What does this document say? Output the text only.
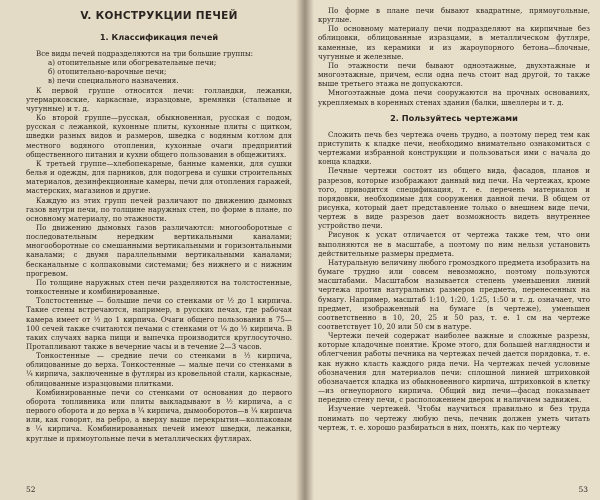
V. КОНСТРУКЦИИ ПЕЧЕЙ
1. Классификация печей

Все виды печей подразделяются на три большие группы:

а) отопительные или обогревательные печи;
б) отопительно-варочные печи;
в) печи специального назначения.

К первой группе относятся печи: голландки, лежанки, утермарковские, каркасные, изразцовые, времянки (стальные и чугунные) и т. д.

Ко второй группе—русская, обыкновенная, русская с подом, русская с лежанкой, кухонные плиты, кухонные плиты с щитком, шведки разных видов и размеров, шведка с водяным котлом для местного водяного отопления, кухонные очаги предприятий общественного питания и кухни общего пользования в общежитиях.

К третьей группе—хлебопекарные, банные каменки, для сушки белья и одежды, для парников, для подогрева и сушки строительных материалов, дезинфекционные камеры, печи для отопления гаражей, мастерских, магазинов и другие.

Каждую из этих групп печей различают по движению дымовых газов внутри печи, по толщине наружных стен, по форме в плане, по основному материалу, по этажности.

По движению дымовых газов различаются: многооборотные с последовательным нередким вертикальными каналами; многооборотные со смешанными вертикальными и горизонтальными каналами; с двумя параллельными вертикальными каналами; бесканальные с колпаковыми системами; без нижнего и с нижним прогревом.

По толщине наружных стен печи разделяются на толстостенные, тонкостенные и комбинированные.

Толстостенные — большие печи со стенками от ½ до 1 кирпича. Такие стены встречаются, например, в русских печах, где рабочая камера имеет от ½ до 1 кирпича. Очаги общего пользования в 75—100 сечей также считаются печами с стенками от ¼ до ½ кирпича. В таких случаях варка пищи и выпечка производится круглосуточно. Протапливают также в вечерние часы и в течение 2—3 часов.

Тонкостенные — средние печи со стенками в ½ кирпича, облицованные до верха. Тонкостенные — малые печи со стенками в ¼ кирпича, заключенные в футляры из кровельной стали, каркасные, облицованные изразцовыми плитками.

Комбинированные печи со стенками от основания до первого оборота топливника или плиты выкладывают в ½ кирпича, а с первого оборота и до верха в ¼ кирпича, дымооборотов—в ¼ кирпича или, как говорят, на ребро, а вверху выше перекрытия—колпаковым в ¼ кирпича. Комбинированных печей имеют шведки, лежанки, круглые и прямоугольные печи в металлических футлярах.

52

По форме в плане печи бывают квадратные, прямоугольные, круглые.

По основному материалу печи подразделяют на кирпичные без облицовки, облицованные изразцами, в металлическом футляре, каменные, из керамики и из жароупорного бетона—блочные, чугунные и железные.

По этажности печи бывают одноэтажные, двухэтажные и многоэтажные, причем, если одна печь стоит над другой, то также выше третьего этажа не допускаются.

Многоэтажные дома печи сооружаются на прочных основаниях, укрепляемых в коренных стенах здания (балки, швеллеры и т. д.

2. Пользуйтесь чертежами

Сложить печь без чертежа очень трудно, а поэтому перед тем как приступить к кладке печи, необходимо внимательно ознакомиться с чертежами избранной конструкции и пользоваться ими с начала до конца кладки.

Печные чертежи состоят из общего вида, фасадов, планов и разрезов, которые изображают данный вид печи. На чертежах, кроме того, приводится спецификация, т. е. перечень материалов и порядовки, необходимые для сооружения данной печи. В общем от рисунка, который дает представление только о внешнем виде печи, чертеж в виде разрезов дает возможность видеть внутреннее устройство печи.

Рисунок к ускат отличается от чертежа также тем, что они выполняются не в масштабе, а поэтому по ним нельзя установить действительные размеры предмета.

Натуральную величину любого громоздкого предмета изобразить на бумаге трудно или совсем невозможно, поэтому пользуются масштабами. Масштабом называется степень уменьшения линий чертежа против натуральных размеров предмета, перенесенных на бумагу. Например, масштаб 1:10, 1:20, 1:25, 1:50 и т. д. означает, что предмет, изображенный на бумаге (в чертеже), уменьшен соответственно в 10, 20, 25 и 50 раз, т. е. 1 см на чертеже соответствует 10, 20 или 50 см в натуре.

Чертежи печей содержат наиболее важные и сложные разрезы, которые кладочные понятие. Кроме этого, для большей наглядности и облегчения работы печника на чертежах печей дается порядовка, т. е. как нужно класть каждого ряда печи. На чертежах печей условные обозначения для материалов печи: сплошной линией штриховкой обозначается кладка из обыкновенного кирпича, штриховкой в клетку—из огнеупорного кирпича. Общий вид печи—фасад показывает передню стену печи, с расположением дверок и наличием задвижек.

Изучение чертежей. Чтобы научиться правильно и без труда понимать по чертежу любую печь, печник должен уметь читать чертеж, т. е. хорошо разбираться в них, понять, как по чертежу

53
